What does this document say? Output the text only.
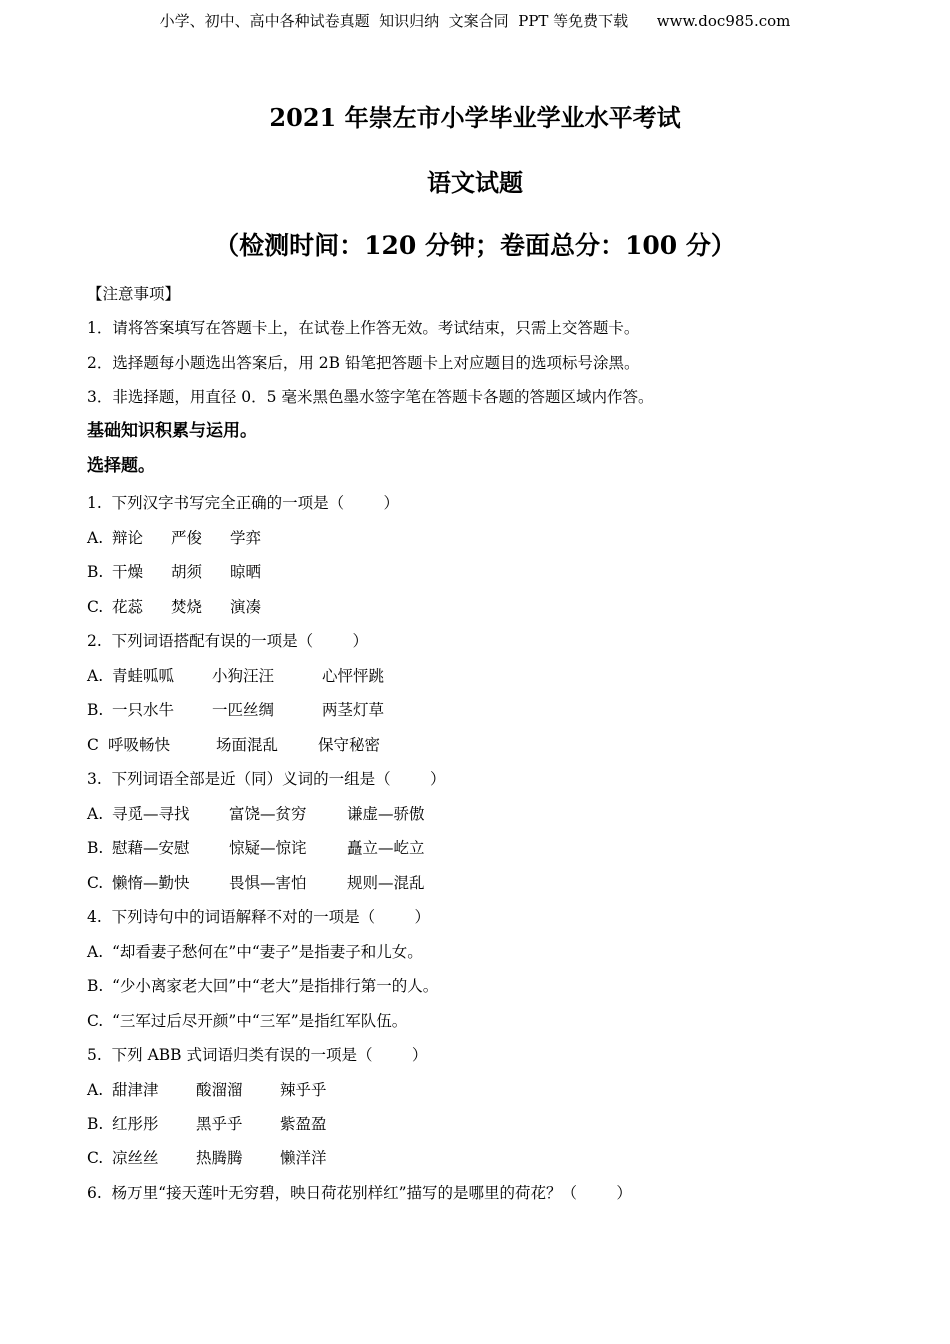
小学、初中、高中各种试卷真题  知识归纳  文案合同  PPT 等免费下载      www.doc985.com
2021 年崇左市小学毕业学业水平考试
语文试题
（检测时间：120 分钟；卷面总分：100 分）
【注意事项】
1．请将答案填写在答题卡上，在试卷上作答无效。考试结束，只需上交答题卡。
2．选择题每小题选出答案后，用 2B 铅笔把答题卡上对应题目的选项标号涂黑。
3．非选择题，用直径 0．5 毫米黑色墨水签字笔在答题卡各题的答题区域内作答。
基础知识积累与运用。
选择题。
1.  下列汉字书写完全正确的一项是（        ）
A. 辩论 严俊 学弈
B. 干燥 胡须 晾晒
C. 花蕊 焚烧 演凑
2.  下列词语搭配有误的一项是（        ）
A. 青蛙呱呱 小狗汪汪	心怦怦跳
B. 一只水牛 一匹丝绸	两茎灯草
C 呼吸畅快	场面混乱	保守秘密
3.  下列词语全部是近（同）义词的一组是（        ）
A. 寻觅—寻找	富饶—贫穷	谦虚—骄傲
B. 慰藉—安慰	惊疑—惊诧	矗立—屹立
C. 懒惰—勤快	畏惧—害怕	规则—混乱
4.  下列诗句中的词语解释不对的一项是（        ）
A. “却看妻子愁何在”中“妻子”是指妻子和儿女。
B. “少小离家老大回”中“老大”是指排行第一的人。
C. “三军过后尽开颜”中“三军”是指红军队伍。
5.  下列 ABB 式词语归类有误的一项是（        ）
A. 甜津津 酸溜溜 辣乎乎
B. 红彤彤 黑乎乎 紫盈盈
C. 凉丝丝 热腾腾 懒洋洋
6.  杨万里“接天莲叶无穷碧，映日荷花别样红”描写的是哪里的荷花？（        ）
